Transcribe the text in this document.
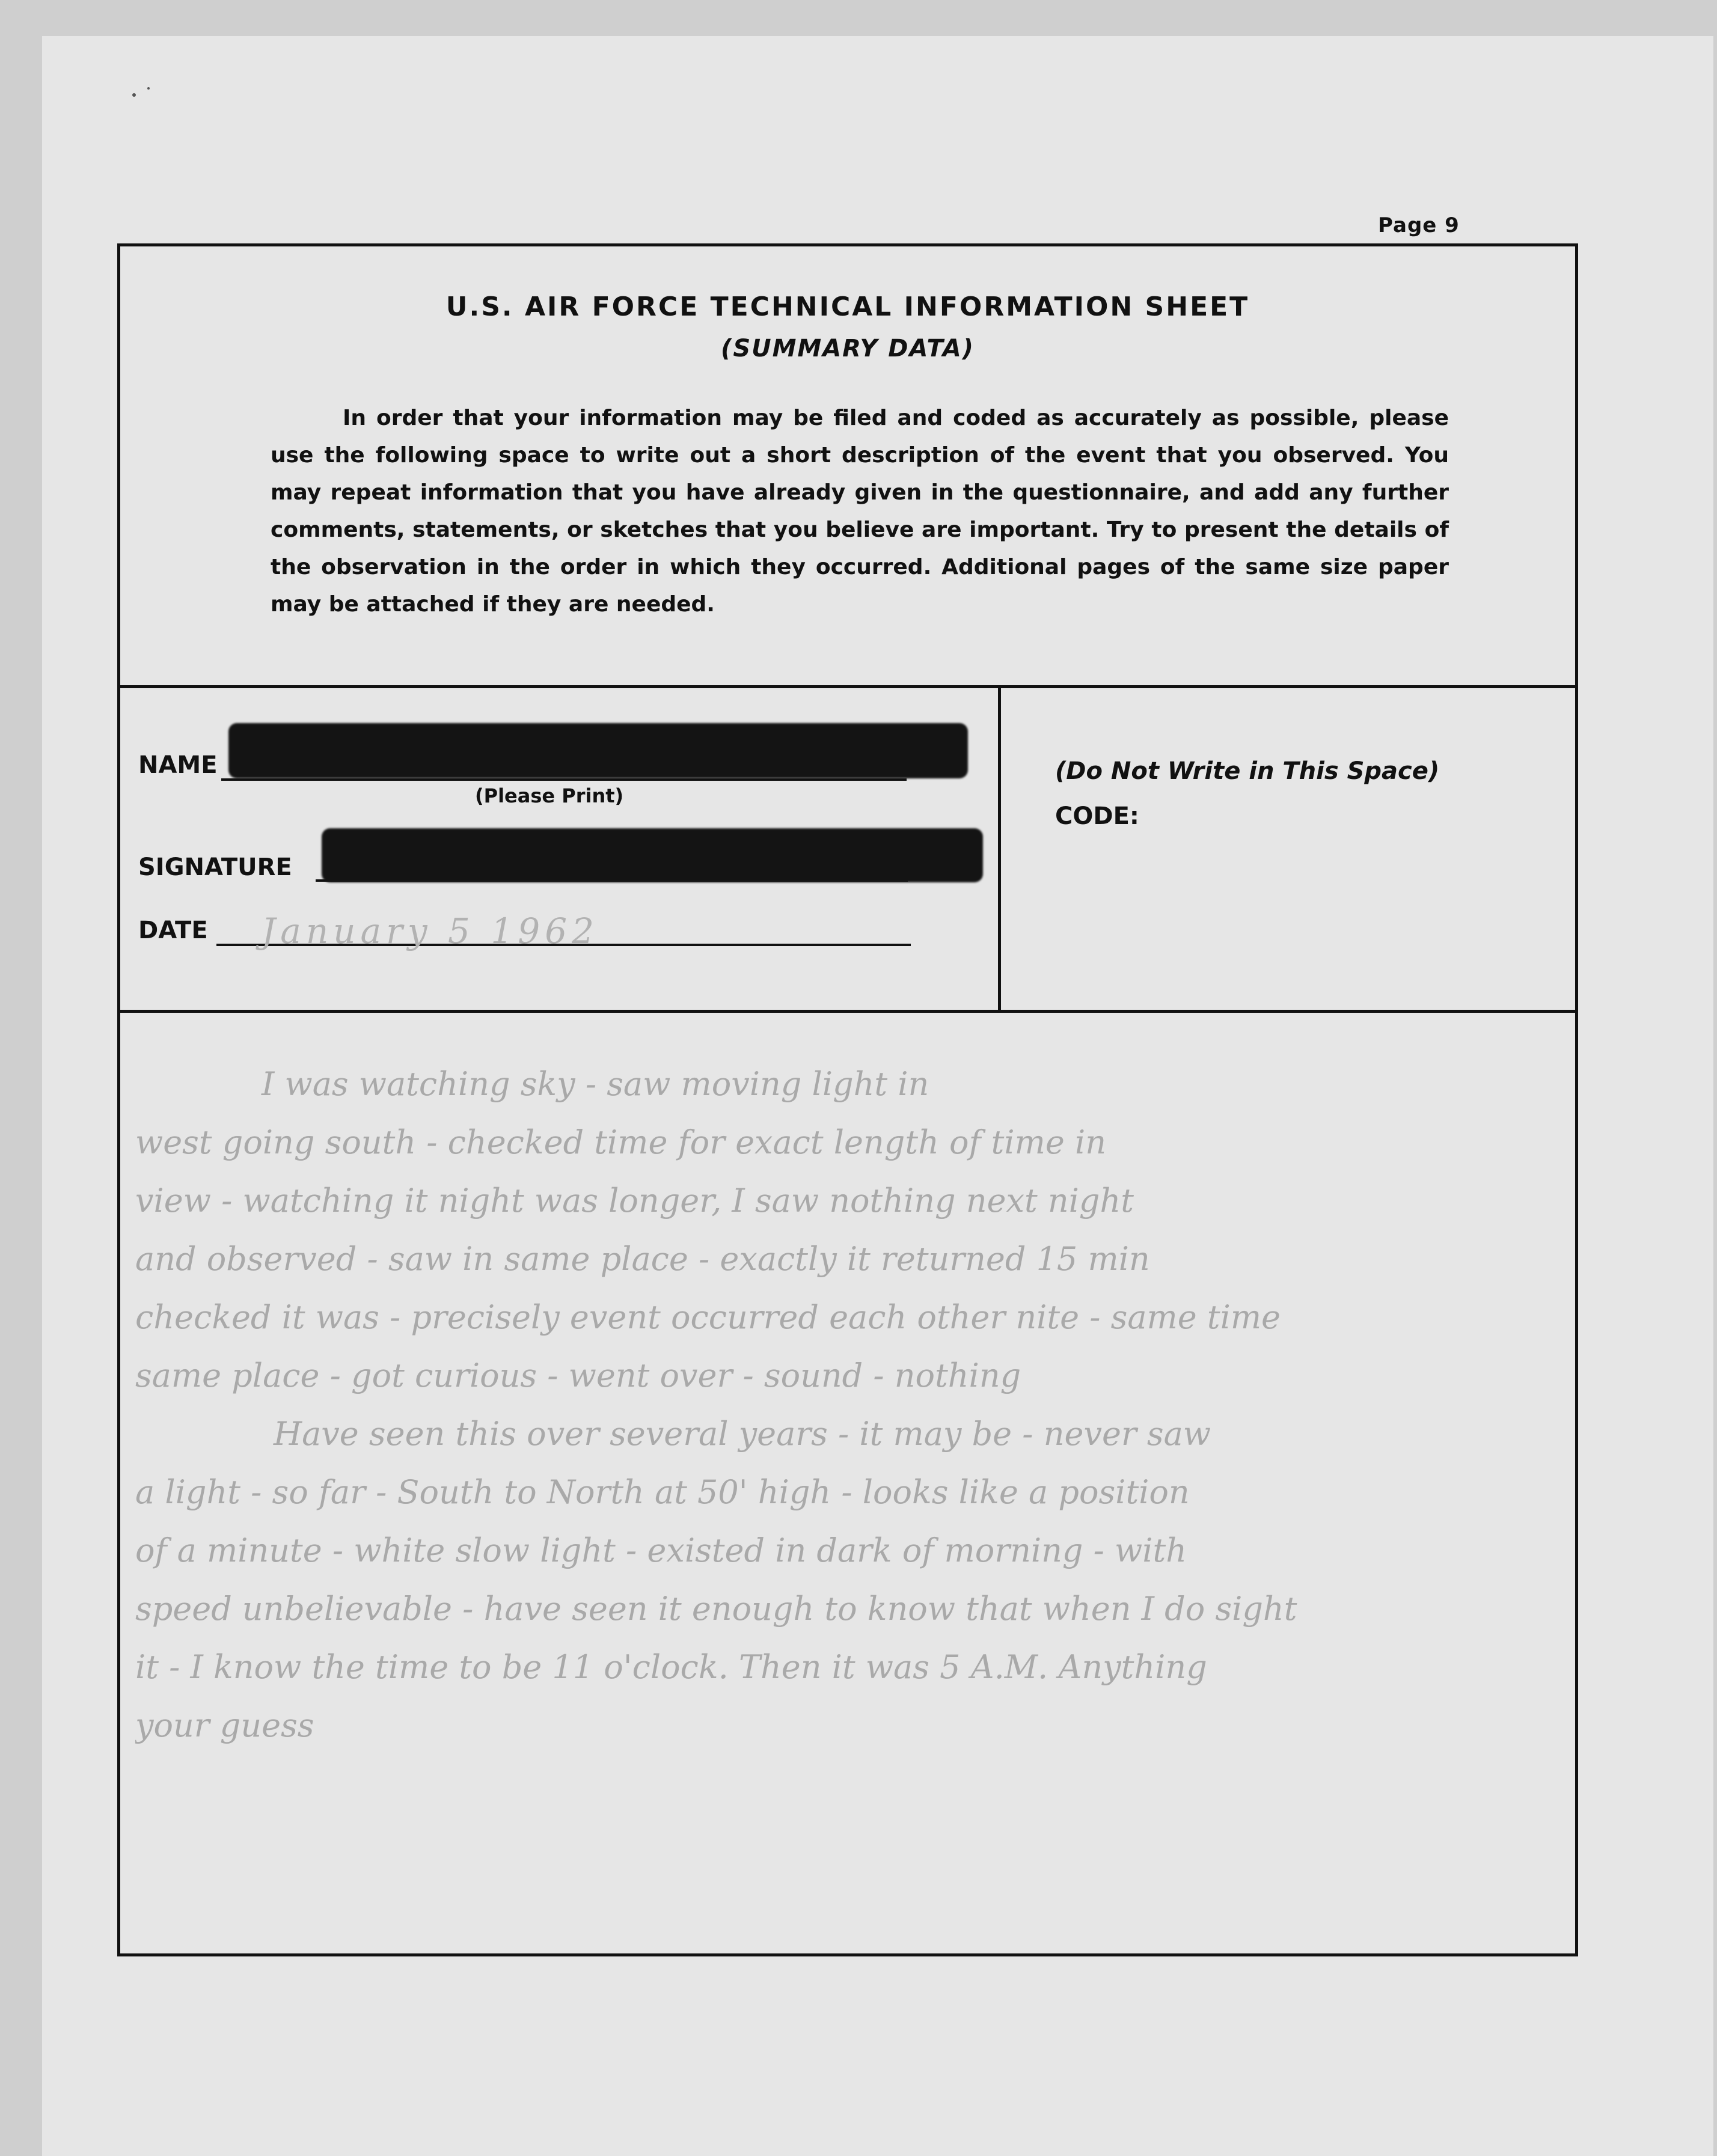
Page 9
U.S. AIR FORCE TECHNICAL INFORMATION SHEET
(SUMMARY DATA)
In order that your information may be filed and coded as accurately as possible, please use the following space to write out a short description of the event that you observed. You may repeat information that you have already given in the questionnaire, and add any further comments, statements, or sketches that you believe are important. Try to present the details of the observation in the order in which they occurred. Additional pages of the same size paper may be attached if they are needed.
NAME
(Please Print)
SIGNATURE
DATE January 5 1962
(Do Not Write in This Space)
CODE:

I was watching sky - saw moving light in

west going south - checked time for exact length of time in

view - watching it night was longer, I saw nothing next night

and observed - saw in same place - exactly it returned 15 min

checked it was - precisely event occurred each other nite - same time

same place - got curious - went over - sound - nothing

Have seen this over several years - it may be - never saw

a light - so far - South to North at 50' high - looks like a position

of a minute - white slow light - existed in dark of morning - with

speed unbelievable - have seen it enough to know that when I do sight

it - I know the time to be 11 o'clock. Then it was 5 A.M. Anything

your guess
